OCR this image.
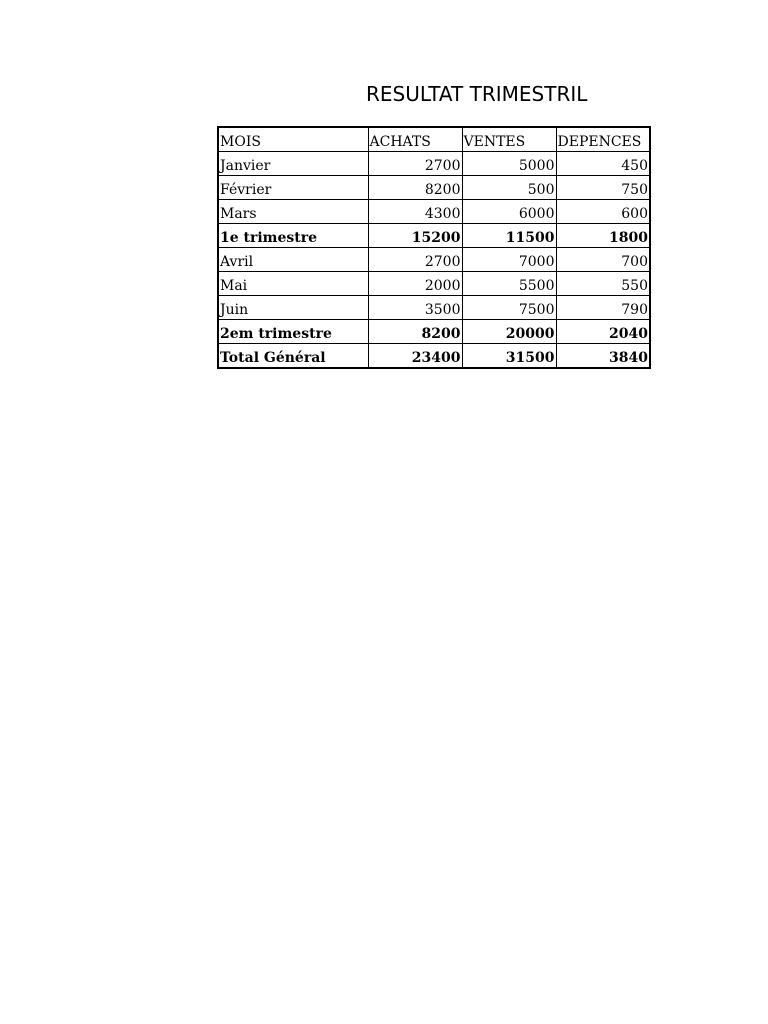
RESULTAT TRIMESTRIL
MOIS	ACHATS	VENTES	DEPENCES
Janvier	2700	5000	450
Février	8200	500	750
Mars	4300	6000	600
1e trimestre	15200	11500	1800
Avril	2700	7000	700
Mai	2000	5500	550
Juin	3500	7500	790
2em trimestre	8200	20000	2040
Total Général	23400	31500	3840
